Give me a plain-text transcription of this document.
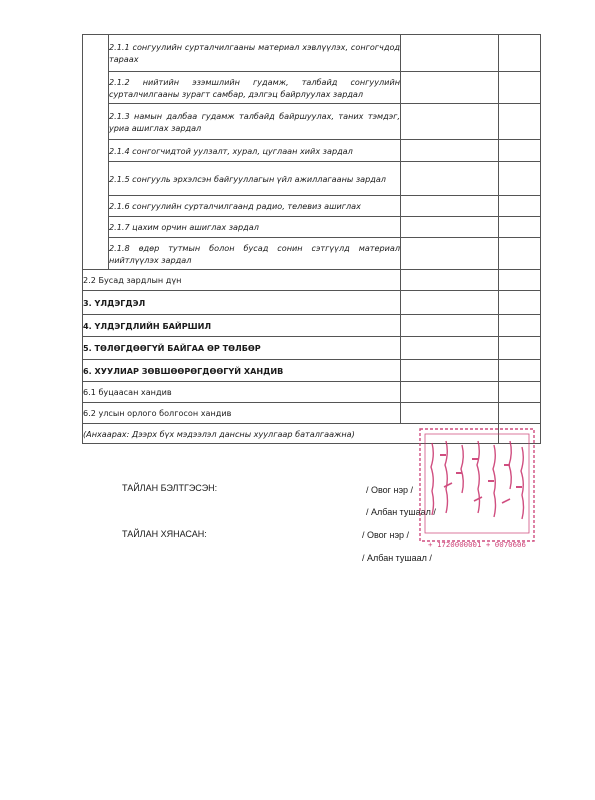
	2.1.1 сонгуулийн сурталчилгааны материал хэвлүүлэх, сонгогчдод тараах		
	2.1.2 нийтийн эзэмшлийн гудамж, талбайд сонгуулийн сурталчилгааны зурагт самбар, дэлгэц байрлуулах зардал		
	2.1.3 намын далбаа гудамж талбайд байршуулах, таних тэмдэг, уриа ашиглах зардал		
	2.1.4 сонгогчидтой уулзалт, хурал, цуглаан хийх зардал		
	2.1.5 сонгууль эрхэлсэн байгууллагын үйл ажиллагааны зардал		
	2.1.6 сонгуулийн сурталчилгаанд радио, телевиз ашиглах		
	2.1.7 цахим орчин ашиглах зардал		
	2.1.8 өдөр тутмын болон бусад сонин сэтгүүлд материал нийтлүүлэх зардал		
2.2 Бусад зардлын дүн			
3. ҮЛДЭГДЭЛ			
4. ҮЛДЭГДЛИЙН БАЙРШИЛ			
5. ТӨЛӨГДӨӨГҮЙ БАЙГАА ӨР ТӨЛБӨР			
6. ХУУЛИАР ЗӨВШӨӨРӨГДӨӨГҮЙ ХАНДИВ			
6.1 буцаасан хандив			
6.2 улсын орлого болгосон хандив			
(Анхаарах: Дээрх бүх мэдээлэл дансны хуулгаар баталгаажна)			
ТАЙЛАН БЭЛТГЭСЭН:	/ Овог нэр /
/ Албан тушаал /
ТАЙЛАН ХЯНАСАН:	/ Овог нэр /
/ Албан тушаал /
+ 1720000001 + 0070606
